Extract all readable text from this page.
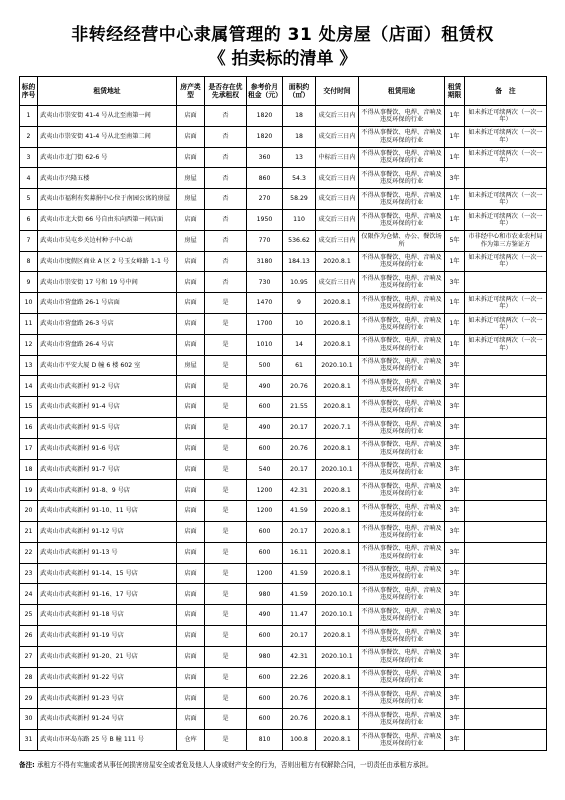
非转经经营中心隶属管理的 31 处房屋（店面）租赁权
《 拍卖标的清单 》
标的序号	租赁地址	房产类型	是否存在优先承租权	参考价月租金（元）	面积约（㎡）	交付时间	租赁用途	租赁期限	备　注
1	武夷山市崇安街 41-4 号从北至南第一间	店面	否	1820	18	成交后三日内	不得从事餐饮、电焊、音响及违反环保的行业	1年	如未拆迁可续两次（一次一年）
2	武夷山市崇安街 41-4 号从北至南第二间	店面	否	1820	18	成交后三日内	不得从事餐饮、电焊、音响及违反环保的行业	1年	如未拆迁可续两次（一次一年）
3	武夷山市北门街 62-6 号	店面	否	360	13	中标后三日内	不得从事餐饮、电焊、音响及违反环保的行业	1年	如未拆迁可续两次（一次一年）
4	武夷山市兴隆五楼	房屋	否	860	54.3	成交后三日内	不得从事餐饮、电焊、音响及违反环保的行业	3年	
5	武夷山市福利有奖募捐中心位于南园公寓的房屋	房屋	否	270	58.29	成交后三日内	不得从事餐饮、电焊、音响及违反环保的行业	1年	如未拆迁可续两次（一次一年）
6	武夷山市北大街 66 号自由东向西第一间店面	店面	否	1950	110	成交后三日内	不得从事餐饮、电焊、音响及违反环保的行业	1年	如未拆迁可续两次（一次一年）
7	武夷山市吴屯乡关边村种子中心站	房屋	否	770	536.62	成交后三日内	仅限作为仓储、办公、餐饮场所	5年	市非经中心和市农业农村局作为第三方鉴证方
8	武夷山市度假区商业 A 区 2 号玉女峰路 1-1 号	店面	否	3180	184.13	2020.8.1	不得从事餐饮、电焊、音响及违反环保的行业	1年	如未拆迁可续两次（一次一年）
9	武夷山市崇安街 17 号和 19 号中间	店面	否	730	10.95	成交后三日内	不得从事餐饮、电焊、音响及违反环保的行业	3年	
10	武夷山市营盘路 26-1 号店面	店面	是	1470	9	2020.8.1	不得从事餐饮、电焊、音响及违反环保的行业	1年	如未拆迁可续两次（一次一年）
11	武夷山市营盘路 26-3 号店	店面	是	1700	10	2020.8.1	不得从事餐饮、电焊、音响及违反环保的行业	1年	如未拆迁可续两次（一次一年）
12	武夷山市营盘路 26-4 号店	店面	是	1010	14	2020.8.1	不得从事餐饮、电焊、音响及违反环保的行业	1年	如未拆迁可续两次（一次一年）
13	武夷山市平安大厦 D 幢 6 楼 602 室	房屋	是	500	61	2020.10.1	不得从事餐饮、电焊、音响及违反环保的行业	3年	
14	武夷山市武夷新村 91-2 号店	店面	是	490	20.76	2020.8.1	不得从事餐饮、电焊、音响及违反环保的行业	3年	
15	武夷山市武夷新村 91-4 号店	店面	是	600	21.55	2020.8.1	不得从事餐饮、电焊、音响及违反环保的行业	3年	
16	武夷山市武夷新村 91-5 号店	店面	是	490	20.17	2020.7.1	不得从事餐饮、电焊、音响及违反环保的行业	3年	
17	武夷山市武夷新村 91-6 号店	店面	是	600	20.76	2020.8.1	不得从事餐饮、电焊、音响及违反环保的行业	3年	
18	武夷山市武夷新村 91-7 号店	店面	是	540	20.17	2020.10.1	不得从事餐饮、电焊、音响及违反环保的行业	3年	
19	武夷山市武夷新村 91-8、9 号店	店面	是	1200	42.31	2020.8.1	不得从事餐饮、电焊、音响及违反环保的行业	3年	
20	武夷山市武夷新村 91-10、11 号店	店面	是	1200	41.59	2020.8.1	不得从事餐饮、电焊、音响及违反环保的行业	3年	
21	武夷山市武夷新村 91-12 号店	店面	是	600	20.17	2020.8.1	不得从事餐饮、电焊、音响及违反环保的行业	3年	
22	武夷山市武夷新村 91-13 号	店面	是	600	16.11	2020.8.1	不得从事餐饮、电焊、音响及违反环保的行业	3年	
23	武夷山市武夷新村 91-14、15 号店	店面	是	1200	41.59	2020.8.1	不得从事餐饮、电焊、音响及违反环保的行业	3年	
24	武夷山市武夷新村 91-16、17 号店	店面	是	980	41.59	2020.10.1	不得从事餐饮、电焊、音响及违反环保的行业	3年	
25	武夷山市武夷新村 91-18 号店	店面	是	490	11.47	2020.10.1	不得从事餐饮、电焊、音响及违反环保的行业	3年	
26	武夷山市武夷新村 91-19 号店	店面	是	600	20.17	2020.8.1	不得从事餐饮、电焊、音响及违反环保的行业	3年	
27	武夷山市武夷新村 91-20、21 号店	店面	是	980	42.31	2020.10.1	不得从事餐饮、电焊、音响及违反环保的行业	3年	
28	武夷山市武夷新村 91-22 号店	店面	是	600	22.26	2020.8.1	不得从事餐饮、电焊、音响及违反环保的行业	3年	
29	武夷山市武夷新村 91-23 号店	店面	是	600	20.76	2020.8.1	不得从事餐饮、电焊、音响及违反环保的行业	3年	
30	武夷山市武夷新村 91-24 号店	店面	是	600	20.76	2020.8.1	不得从事餐饮、电焊、音响及违反环保的行业	3年	
31	武夷山市环岛东路 25 号 B 幢 111 号	仓库	是	810	100.8	2020.8.1	不得从事餐饮、电焊、音响及违反环保的行业	3年	
备注: 承租方不得有实施或者从事任何损害房屋安全或者危及他人人身或财产安全的行为，否则出租方有权解除合同，一切责任由承租方承担。
